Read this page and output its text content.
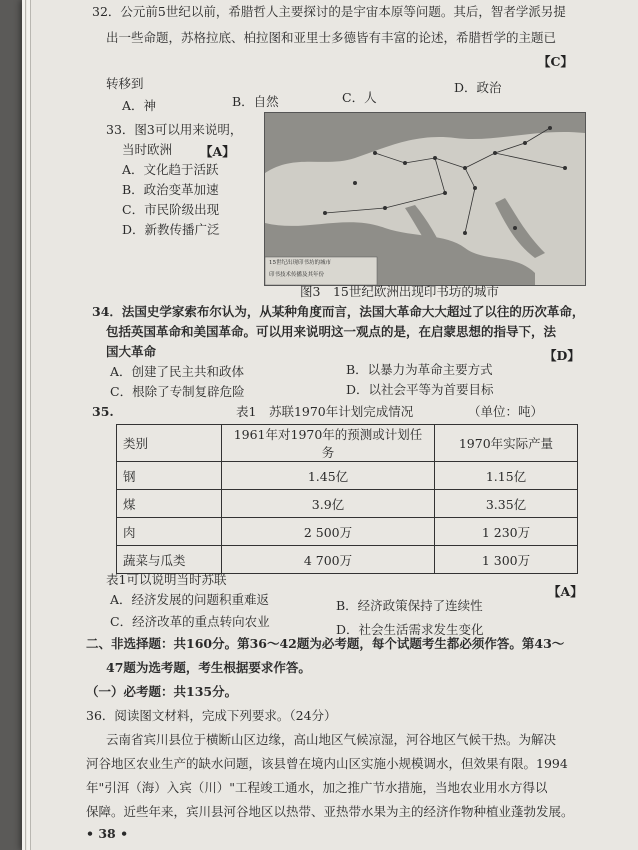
32．公元前5世纪以前，希腊哲人主要探讨的是宇宙本原等问题。其后，智者学派另提
出一些命题，苏格拉底、柏拉图和亚里士多德皆有丰富的论述，希腊哲学的主题已
【C】
转移到
A．神	B．自然	C．人
D．政治
33．图3可以用来说明，
当时欧洲 【A】
A．文化趋于活跃
B．政治变革加速
C．市民阶级出现
D．新教传播广泛
15世纪出现印书坊的城市
印书技术传播及其年份
图3　15世纪欧洲出现印书坊的城市
34．法国史学家索布尔认为，从某种角度而言，法国大革命大大超过了以往的历次革命，
包括英国革命和美国革命。可以用来说明这一观点的是，在启蒙思想的指导下，法
国大革命	【D】
A．创建了民主共和政体	B．以暴力为革命主要方式
C．根除了专制复辟危险	D．以社会平等为首要目标
35.	表1　苏联1970年计划完成情况	（单位：吨）
类别	1961年对1970年的预测或计划任务	1970年实际产量
钢	1.45亿	1.15亿
煤	3.9亿	3.35亿
肉	2 500万	1 230万
蔬菜与瓜类	4 700万	1 300万
表1可以说明当时苏联
【A】
A．经济发展的问题积重难返	B．经济政策保持了连续性
C．经济改革的重点转向农业
D．社会生活需求发生变化
二、非选择题：共160分。第36～42题为必考题，每个试题考生都必须作答。第43～
47题为选考题，考生根据要求作答。
（一）必考题：共135分。
36．阅读图文材料，完成下列要求。（24分）
云南省宾川县位于横断山区边缘，高山地区气候凉湿，河谷地区气候干热。为解决
河谷地区农业生产的缺水问题，该县曾在境内山区实施小规模调水，但效果有限。1994
年"引洱（海）入宾（川）"工程竣工通水，加之推广节水措施，当地农业用水方得以
保障。近些年来，宾川县河谷地区以热带、亚热带水果为主的经济作物种植业蓬勃发展。
• 38 •
